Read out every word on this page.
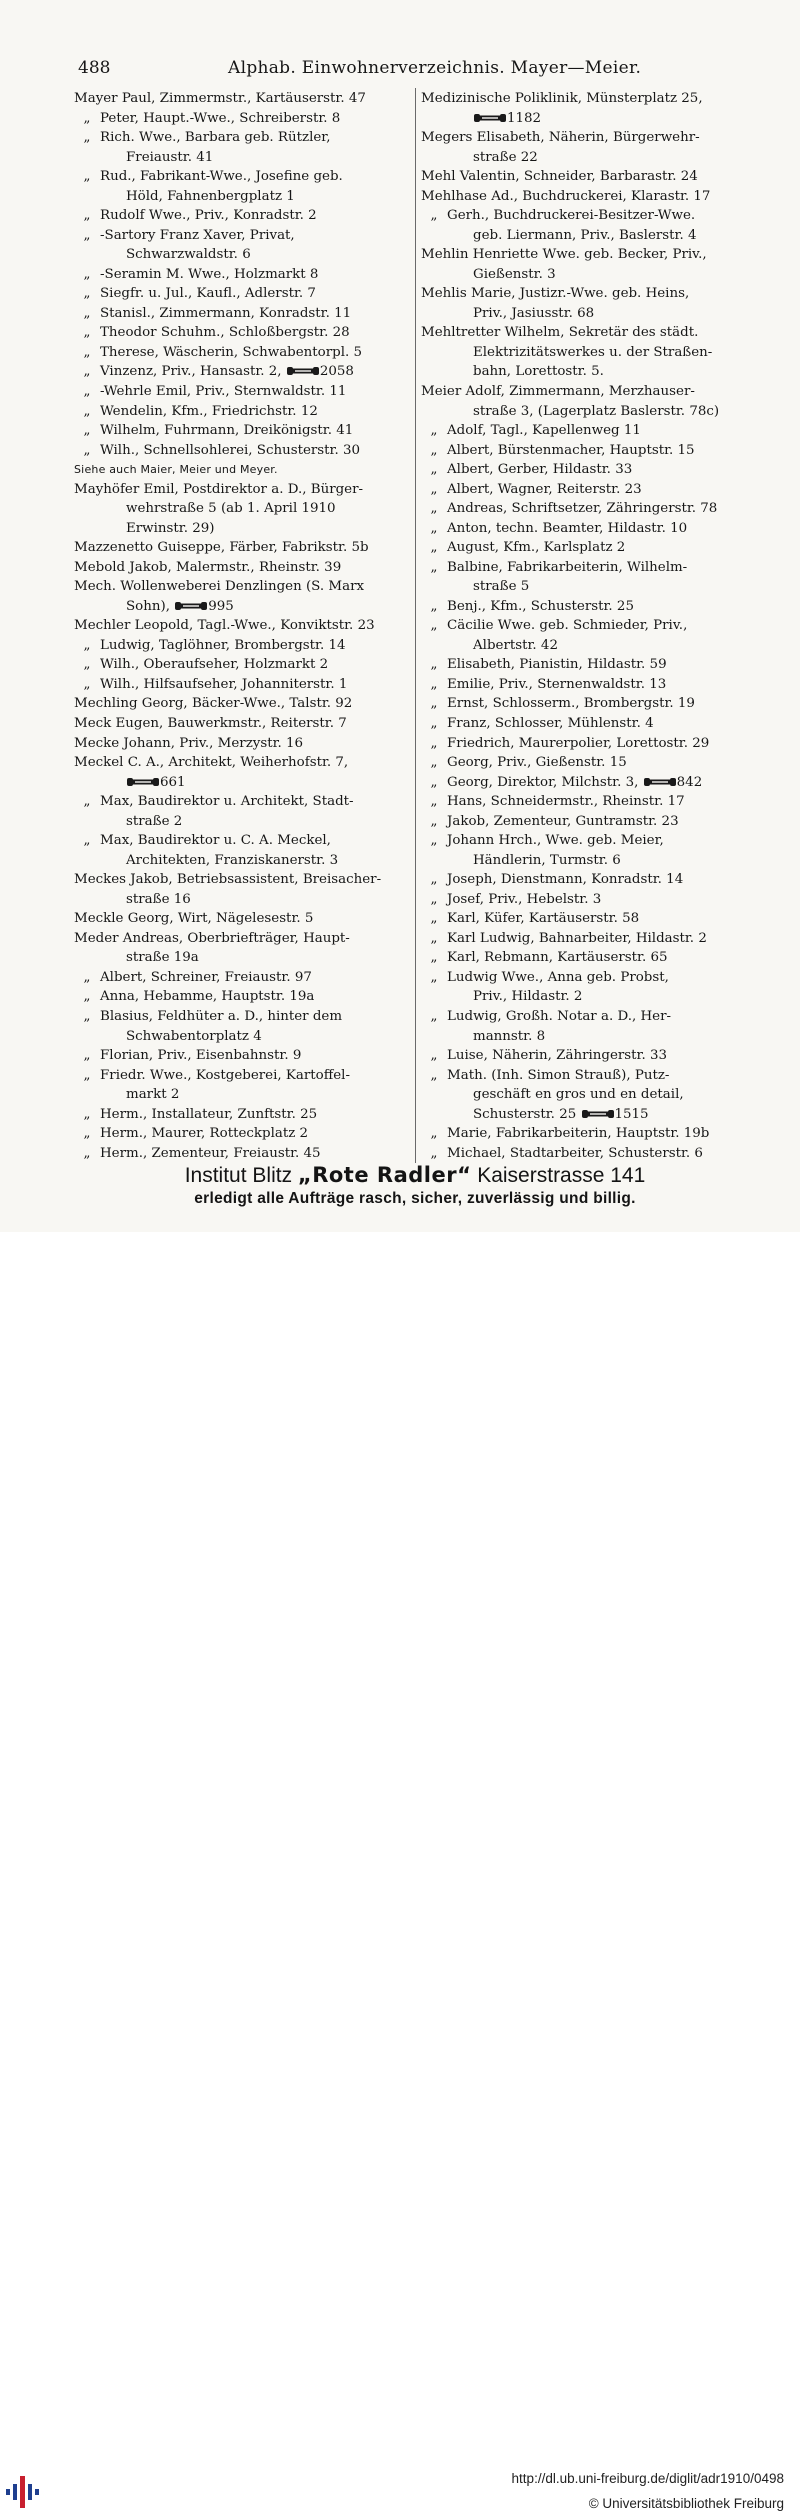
488	Alphab. Einwohnerverzeichnis. Mayer—Meier.
Mayer Paul, Zimmermstr., Kartäuserstr. 47
„ Peter, Haupt.-Wwe., Schreiberstr. 8
„ Rich. Wwe., Barbara geb. Rützler,
Freiaustr. 41
„ Rud., Fabrikant-Wwe., Josefine geb.
Höld, Fahnenbergplatz 1
„ Rudolf Wwe., Priv., Konradstr. 2
„ -Sartory Franz Xaver, Privat,
Schwarzwaldstr. 6
„ -Seramin M. Wwe., Holzmarkt 8
„ Siegfr. u. Jul., Kaufl., Adlerstr. 7
„ Stanisl., Zimmermann, Konradstr. 11
„ Theodor Schuhm., Schloßbergstr. 28
„ Therese, Wäscherin, Schwabentorpl. 5
„ Vinzenz, Priv., Hansastr. 2,	2058
„ -Wehrle Emil, Priv., Sternwaldstr. 11
„ Wendelin, Kfm., Friedrichstr. 12
„ Wilhelm, Fuhrmann, Dreikönigstr. 41
„ Wilh., Schnellsohlerei, Schusterstr. 30
Siehe auch Maier, Meier und Meyer.
Mayhöfer Emil, Postdirektor a. D., Bürger-
wehrstraße 5 (ab 1. April 1910
Erwinstr. 29)
Mazzenetto Guiseppe, Färber, Fabrikstr. 5b
Mebold Jakob, Malermstr., Rheinstr. 39
Mech. Wollenweberei Denzlingen (S. Marx
Sohn),	995
Mechler Leopold, Tagl.-Wwe., Konviktstr. 23
„ Ludwig, Taglöhner, Brombergstr. 14
„ Wilh., Oberaufseher, Holzmarkt 2
„ Wilh., Hilfsaufseher, Johanniterstr. 1
Mechling Georg, Bäcker-Wwe., Talstr. 92
Meck Eugen, Bauwerkmstr., Reiterstr. 7
Mecke Johann, Priv., Merzystr. 16
Meckel C. A., Architekt, Weiherhofstr. 7,
661
„ Max, Baudirektor u. Architekt, Stadt-
straße 2
„ Max, Baudirektor u. C. A. Meckel,
Architekten, Franziskanerstr. 3
Meckes Jakob, Betriebsassistent, Breisacher-
straße 16
Meckle Georg, Wirt, Nägelesestr. 5
Meder Andreas, Oberbriefträger, Haupt-
straße 19a
„ Albert, Schreiner, Freiaustr. 97
„ Anna, Hebamme, Hauptstr. 19a
„ Blasius, Feldhüter a. D., hinter dem
Schwabentorplatz 4
„ Florian, Priv., Eisenbahnstr. 9
„ Friedr. Wwe., Kostgeberei, Kartoffel-
markt 2
„ Herm., Installateur, Zunftstr. 25
„ Herm., Maurer, Rotteckplatz 2
„ Herm., Zementeur, Freiaustr. 45

Medizinische Poliklinik, Münsterplatz 25,
1182
Megers Elisabeth, Näherin, Bürgerwehr-
straße 22
Mehl Valentin, Schneider, Barbarastr. 24
Mehlhase Ad., Buchdruckerei, Klarastr. 17
„ Gerh., Buchdruckerei-Besitzer-Wwe.
geb. Liermann, Priv., Baslerstr. 4
Mehlin Henriette Wwe. geb. Becker, Priv.,
Gießenstr. 3
Mehlis Marie, Justizr.-Wwe. geb. Heins,
Priv., Jasiusstr. 68
Mehltretter Wilhelm, Sekretär des städt.
Elektrizitätswerkes u. der Straßen-
bahn, Lorettostr. 5.
Meier Adolf, Zimmermann, Merzhauser-
straße 3, (Lagerplatz Baslerstr. 78c)
„ Adolf, Tagl., Kapellenweg 11
„ Albert, Bürstenmacher, Hauptstr. 15
„ Albert, Gerber, Hildastr. 33
„ Albert, Wagner, Reiterstr. 23
„ Andreas, Schriftsetzer, Zähringerstr. 78
„ Anton, techn. Beamter, Hildastr. 10
„ August, Kfm., Karlsplatz 2
„ Balbine, Fabrikarbeiterin, Wilhelm-
straße 5
„ Benj., Kfm., Schusterstr. 25
„ Cäcilie Wwe. geb. Schmieder, Priv.,
Albertstr. 42
„ Elisabeth, Pianistin, Hildastr. 59
„ Emilie, Priv., Sternenwaldstr. 13
„ Ernst, Schlosserm., Brombergstr. 19
„ Franz, Schlosser, Mühlenstr. 4
„ Friedrich, Maurerpolier, Lorettostr. 29
„ Georg, Priv., Gießenstr. 15
„ Georg, Direktor, Milchstr. 3,	842
„ Hans, Schneidermstr., Rheinstr. 17
„ Jakob, Zementeur, Guntramstr. 23
„ Johann Hrch., Wwe. geb. Meier,
Händlerin, Turmstr. 6
„ Joseph, Dienstmann, Konradstr. 14
„ Josef, Priv., Hebelstr. 3
„ Karl, Küfer, Kartäuserstr. 58
„ Karl Ludwig, Bahnarbeiter, Hildastr. 2
„ Karl, Rebmann, Kartäuserstr. 65
„ Ludwig Wwe., Anna geb. Probst,
Priv., Hildastr. 2
„ Ludwig, Großh. Notar a. D., Her-
mannstr. 8
„ Luise, Näherin, Zähringerstr. 33
„ Math. (Inh. Simon Strauß), Putz-
geschäft en gros und en detail,
Schusterstr. 25	1515
„ Marie, Fabrikarbeiterin, Hauptstr. 19b
„ Michael, Stadtarbeiter, Schusterstr. 6
Institut Blitz „Rote Radler“ Kaiserstrasse 141
erledigt alle Aufträge rasch, sicher, zuverlässig und billig.
http://dl.ub.uni-freiburg.de/diglit/adr1910/0498
© Universitätsbibliothek Freiburg
